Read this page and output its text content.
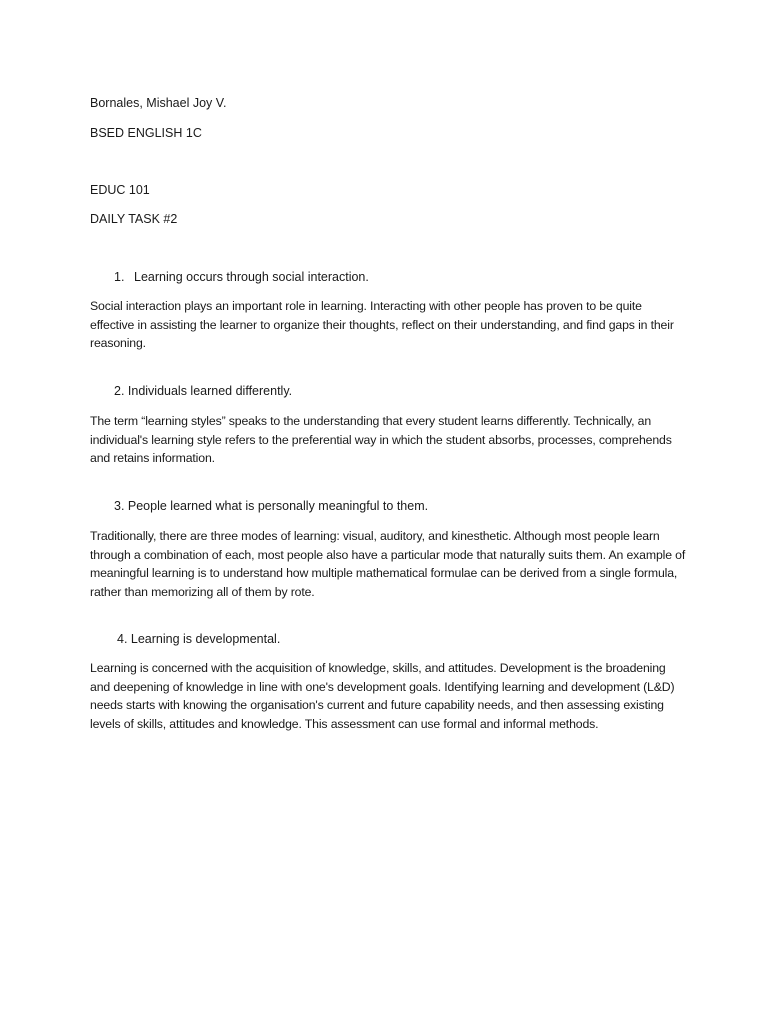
Bornales, Mishael Joy V.
BSED ENGLISH 1C
EDUC 101
DAILY TASK #2
1. Learning occurs through social interaction.
Social interaction plays an important role in learning. Interacting with other people has proven to be quite effective in assisting the learner to organize their thoughts, reflect on their understanding, and find gaps in their reasoning.
2. Individuals learned differently.
The term “learning styles” speaks to the understanding that every student learns differently. Technically, an individual's learning style refers to the preferential way in which the student absorbs, processes, comprehends and retains information.
3. People learned what is personally meaningful to them.
Traditionally, there are three modes of learning: visual, auditory, and kinesthetic. Although most people learn through a combination of each, most people also have a particular mode that naturally suits them. An example of meaningful learning is to understand how multiple mathematical formulae can be derived from a single formula, rather than memorizing all of them by rote.
4. Learning is developmental.
Learning is concerned with the acquisition of knowledge, skills, and attitudes. Development is the broadening and deepening of knowledge in line with one's development goals. Identifying learning and development (L&D) needs starts with knowing the organisation's current and future capability needs, and then assessing existing levels of skills, attitudes and knowledge. This assessment can use formal and informal methods.
